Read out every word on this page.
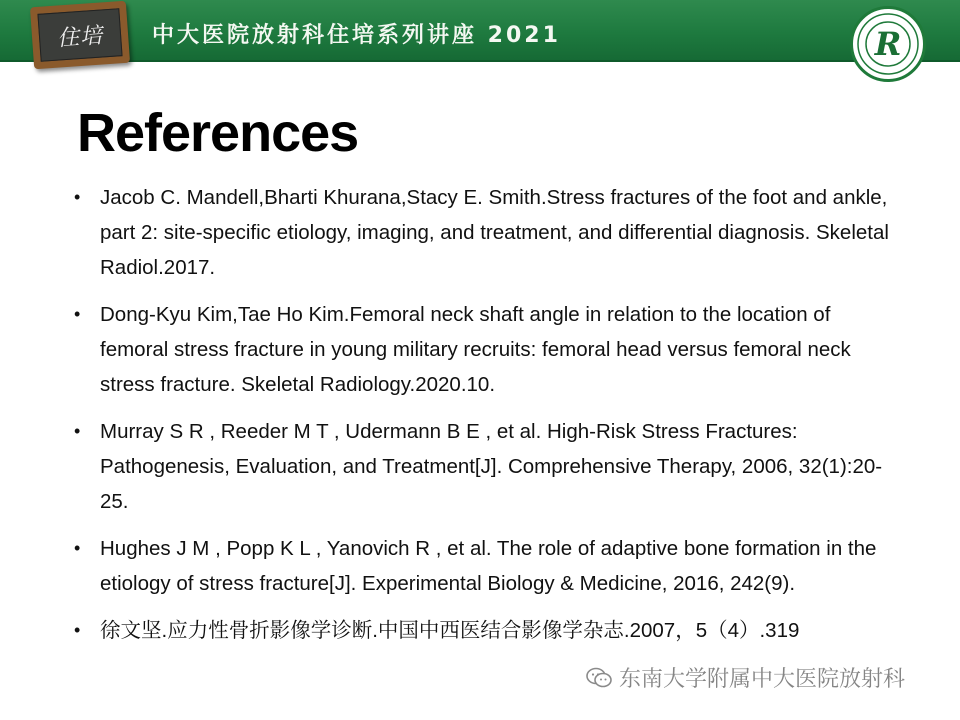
住培 中大医院放射科住培系列讲座 2021	R
References
• Jacob C. Mandell,Bharti Khurana,Stacy E. Smith.Stress fractures of the foot and ankle, part 2: site-specific etiology, imaging, and treatment, and differential diagnosis. Skeletal Radiol.2017.
• Dong-Kyu Kim,Tae Ho Kim.Femoral neck shaft angle in relation to the location of femoral stress fracture in young military recruits: femoral head versus femoral neck stress fracture. Skeletal Radiology.2020.10.
• Murray S R , Reeder M T , Udermann B E , et al. High-Risk Stress Fractures: Pathogenesis, Evaluation, and Treatment[J]. Comprehensive Therapy, 2006, 32(1):20-25.
• Hughes J M , Popp K L , Yanovich R , et al. The role of adaptive bone formation in the etiology of stress fracture[J]. Experimental Biology & Medicine, 2016, 242(9).
• 徐文坚.应力性骨折影像学诊断.中国中西医结合影像学杂志.2007，5（4）.319
东南大学附属中大医院放射科
